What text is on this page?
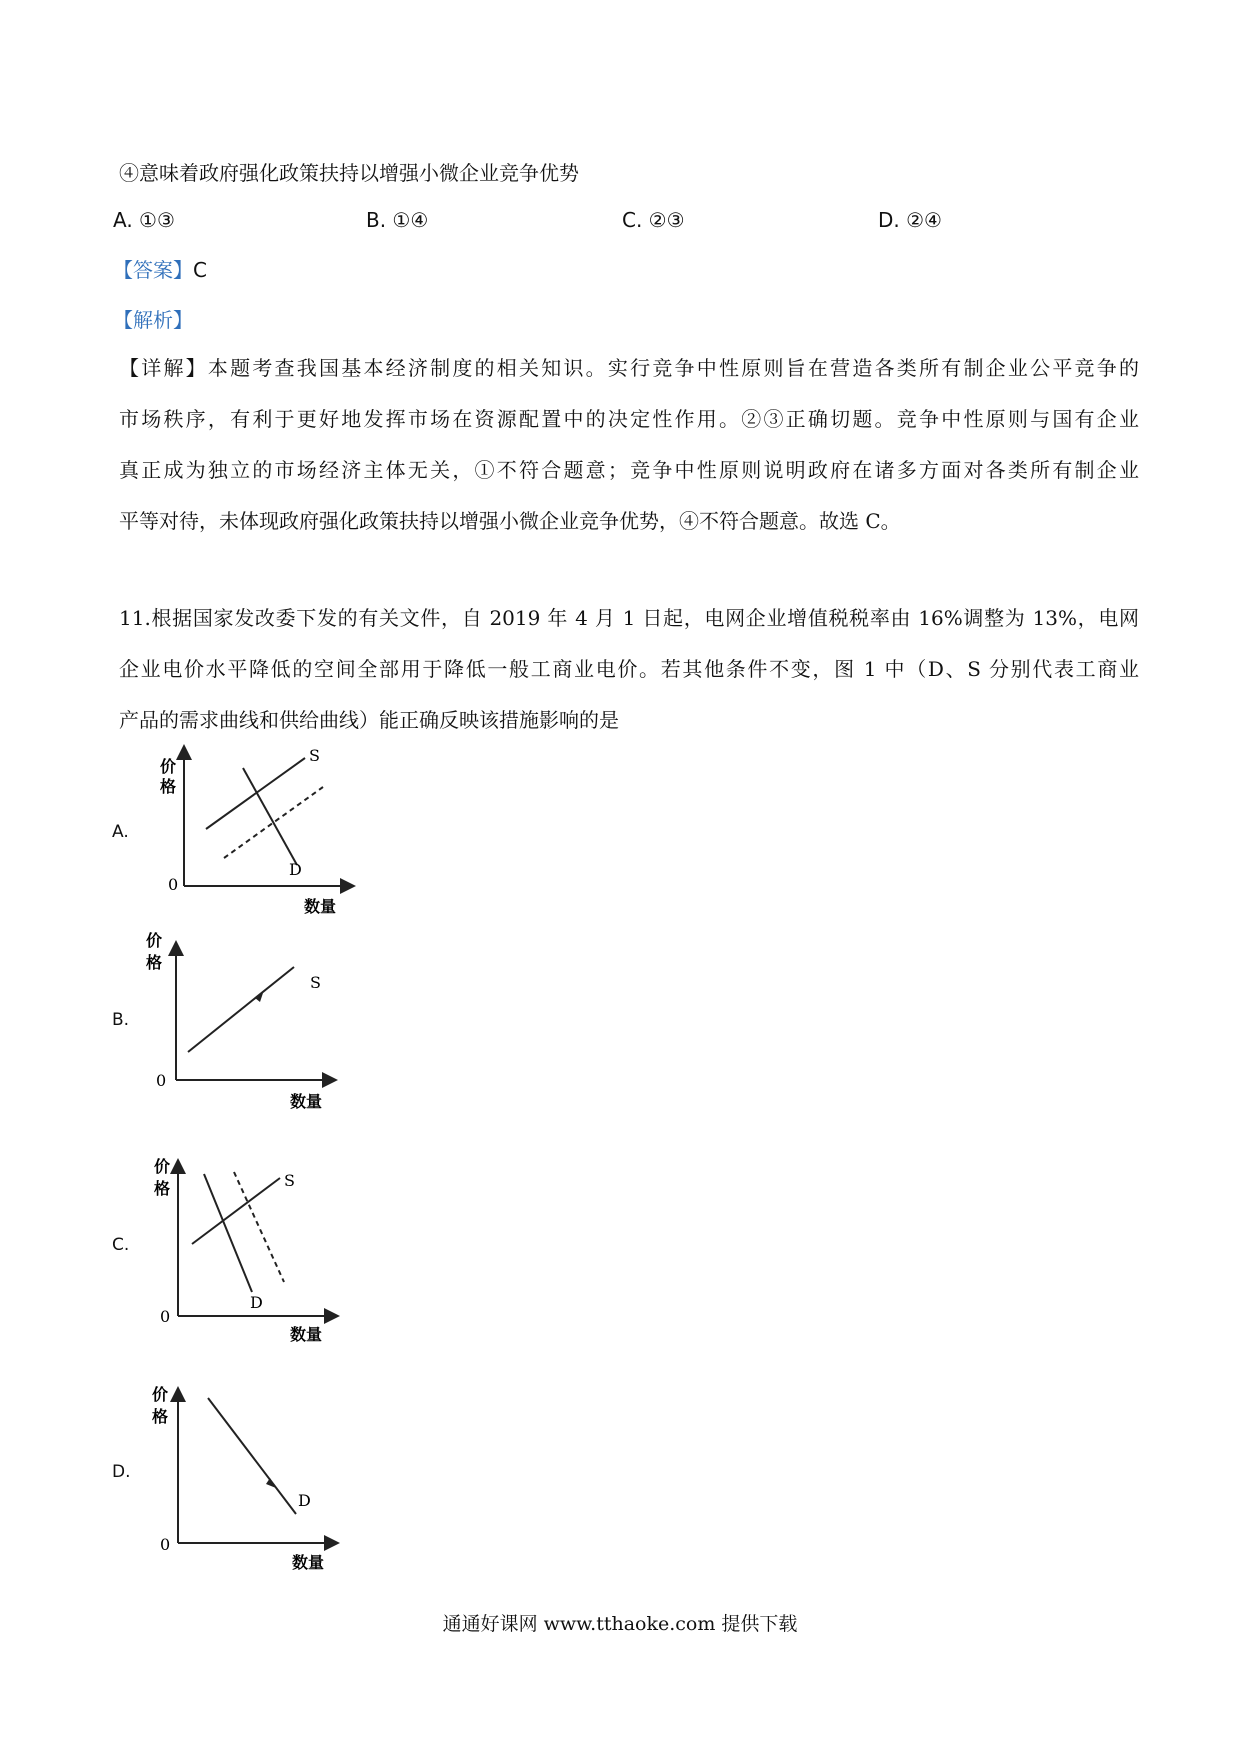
④意味着政府强化政策扶持以增强小微企业竞争优势
A. ①③	B. ①④	C. ②③	D. ②④
【答案】C
【解析】
【详解】本题考查我国基本经济制度的相关知识。实行竞争中性原则旨在营造各类所有制企业公平竞争的
市场秩序，有利于更好地发挥市场在资源配置中的决定性作用。②③正确切题。竞争中性原则与国有企业
真正成为独立的市场经济主体无关，①不符合题意；竞争中性原则说明政府在诸多方面对各类所有制企业
平等对待，未体现政府强化政策扶持以增强小微企业竞争优势，④不符合题意。故选 C。
11.根据国家发改委下发的有关文件，自 2019 年 4 月 1 日起，电网企业增值税税率由 16%调整为 13%，电网
企业电价水平降低的空间全部用于降低一般工商业电价。若其他条件不变，图 1 中（D、S 分别代表工商业
产品的需求曲线和供给曲线）能正确反映该措施影响的是
A.
价
格
0
数量
S
D
B.
价
格
0
数量
S
C.
价
格
0
数量
S
D
D.
价
格
0
数量
D
通通好课网 www.tthaoke.com 提供下载
